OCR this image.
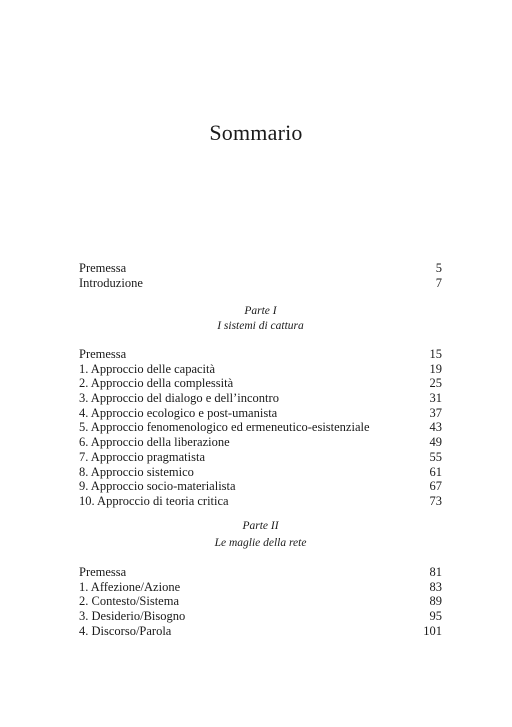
Sommario
Premessa	5
Introduzione	7
Parte I
I sistemi di cattura
Premessa	15
1. Approccio delle capacità	19
2. Approccio della complessità	25
3. Approccio del dialogo e dell’incontro	31
4. Approccio ecologico e post-umanista	37
5. Approccio fenomenologico ed ermeneutico-esistenziale	43
6. Approccio della liberazione	49
7. Approccio pragmatista	55
8. Approccio sistemico	61
9. Approccio socio-materialista	67
10. Approccio di teoria critica	73
Parte II
Le maglie della rete
Premessa	81
1. Affezione/Azione	83
2. Contesto/Sistema	89
3. Desiderio/Bisogno	95
4. Discorso/Parola	101
